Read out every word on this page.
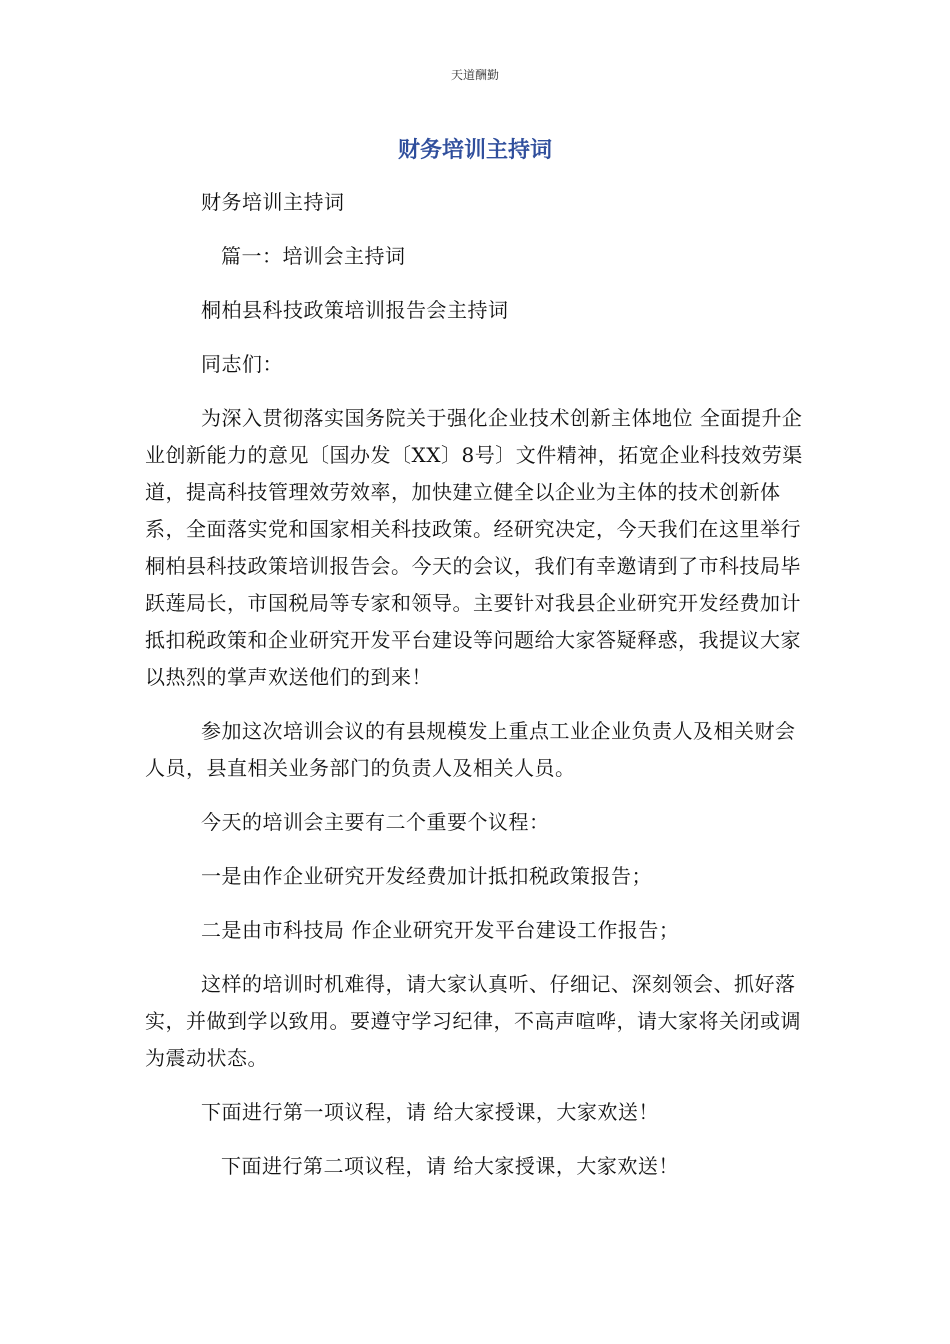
天道酬勤
财务培训主持词

财务培训主持词

篇一：培训会主持词

桐柏县科技政策培训报告会主持词

同志们：

为深入贯彻落实国务院关于强化企业技术创新主体地位 全面提升企业创新能力的意见〔国办发〔XX〕8号〕文件精神，拓宽企业科技效劳渠道，提高科技管理效劳效率，加快建立健全以企业为主体的技术创新体系，全面落实党和国家相关科技政策。经研究决定，今天我们在这里举行桐柏县科技政策培训报告会。今天的会议，我们有幸邀请到了市科技局毕跃莲局长，市国税局等专家和领导。主要针对我县企业研究开发经费加计抵扣税政策和企业研究开发平台建设等问题给大家答疑释惑，我提议大家以热烈的掌声欢送他们的到来！

参加这次培训会议的有县规模发上重点工业企业负责人及相关财会人员，县直相关业务部门的负责人及相关人员。

今天的培训会主要有二个重要个议程：

一是由作企业研究开发经费加计抵扣税政策报告；

二是由市科技局 作企业研究开发平台建设工作报告；

这样的培训时机难得，请大家认真听、仔细记、深刻领会、抓好落实，并做到学以致用。要遵守学习纪律，不高声喧哗，请大家将关闭或调为震动状态。

下面进行第一项议程，请 给大家授课，大家欢送！

下面进行第二项议程，请 给大家授课，大家欢送！
